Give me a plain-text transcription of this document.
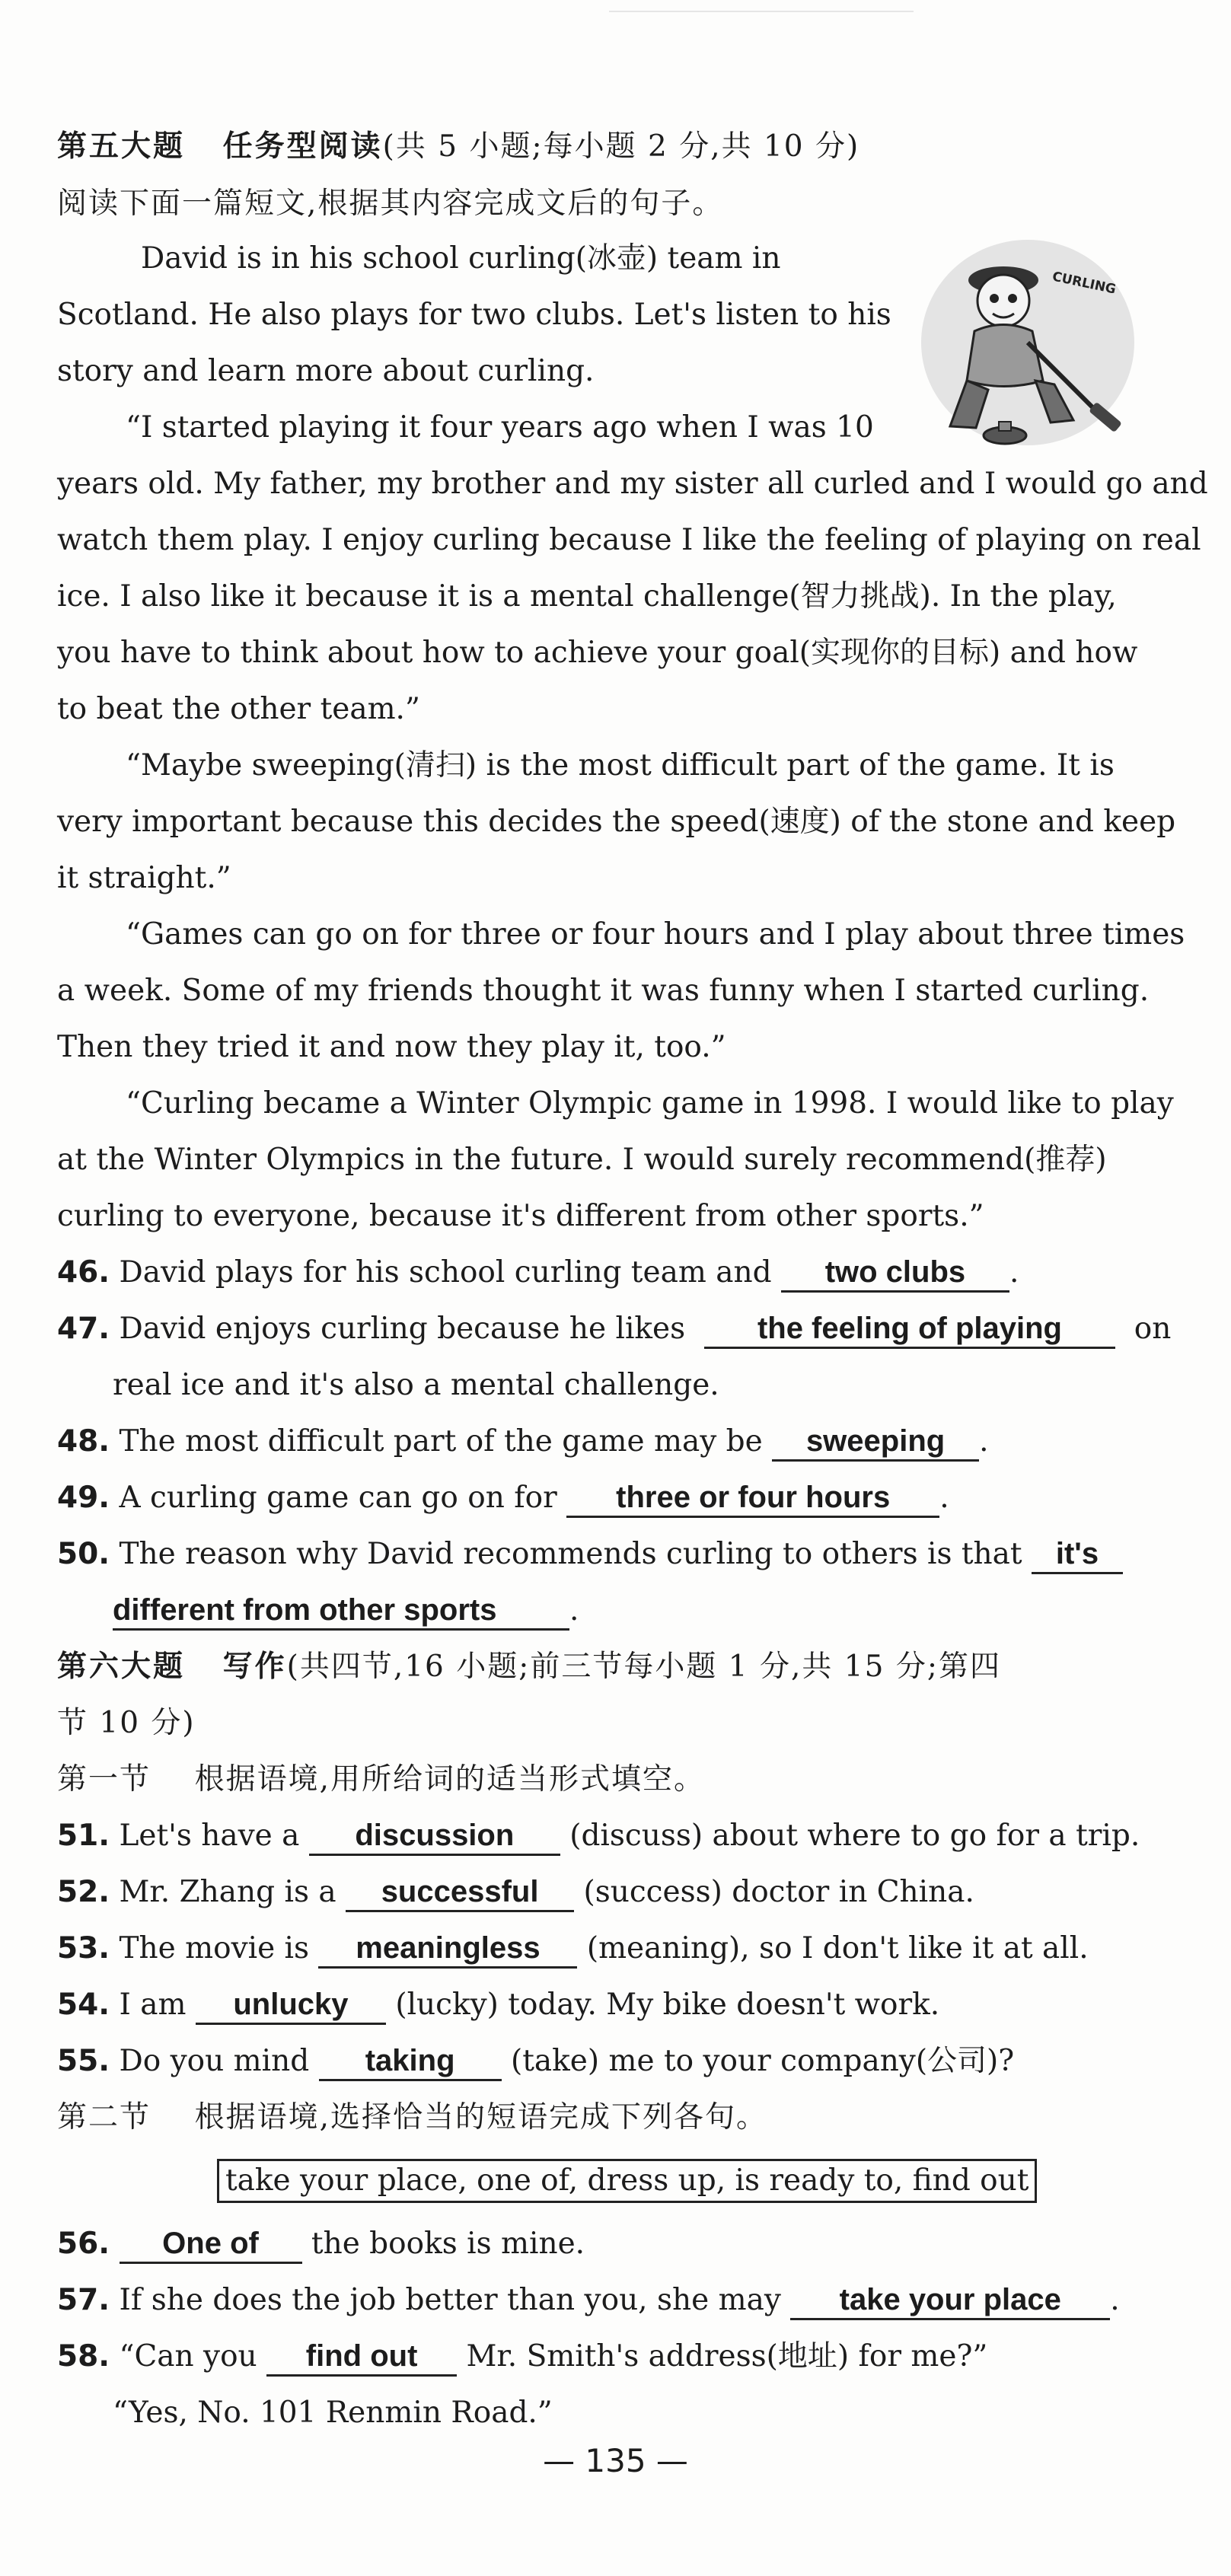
第五大题 任务型阅读(共 5 小题;每小题 2 分,共 10 分)
阅读下面一篇短文,根据其内容完成文后的句子。
David is in his school curling(冰壶) team in
Scotland. He also plays for two clubs. Let's listen to his
story and learn more about curling.
“I started playing it four years ago when I was 10
years old. My father, my brother and my sister all curled and I would go and
watch them play. I enjoy curling because I like the feeling of playing on real
ice. I also like it because it is a mental challenge(智力挑战). In the play,
you have to think about how to achieve your goal(实现你的目标) and how
to beat the other team.”
“Maybe sweeping(清扫) is the most difficult part of the game. It is
very important because this decides the speed(速度) of the stone and keep
it straight.”
“Games can go on for three or four hours and I play about three times
a week. Some of my friends thought it was funny when I started curling.
Then they tried it and now they play it, too.”
“Curling became a Winter Olympic game in 1998. I would like to play
at the Winter Olympics in the future. I would surely recommend(推荐)
curling to everyone, because it's different from other sports.”
CURLING
46. David plays for his school curling team and two clubs .
47. David enjoys curling because he likes the feeling of playing on
real ice and it's also a mental challenge.
48. The most difficult part of the game may be sweeping .
49. A curling game can go on for three or four hours .
50. The reason why David recommends curling to others is that it's
different from other sports .
第六大题 写作(共四节,16 小题;前三节每小题 1 分,共 15 分;第四
节 10 分)
第一节 根据语境,用所给词的适当形式填空。
51. Let's have a discussion (discuss) about where to go for a trip.
52. Mr. Zhang is a successful (success) doctor in China.
53. The movie is meaningless (meaning), so I don't like it at all.
54. I am unlucky (lucky) today. My bike doesn't work.
55. Do you mind taking (take) me to your company(公司)?
第二节 根据语境,选择恰当的短语完成下列各句。
take your place, one of, dress up, is ready to, find out
56. One of the books is mine.
57. If she does the job better than you, she may take your place .
58. “Can you find out Mr. Smith's address(地址) for me?”
“Yes, No. 101 Renmin Road.”
— 135 —
